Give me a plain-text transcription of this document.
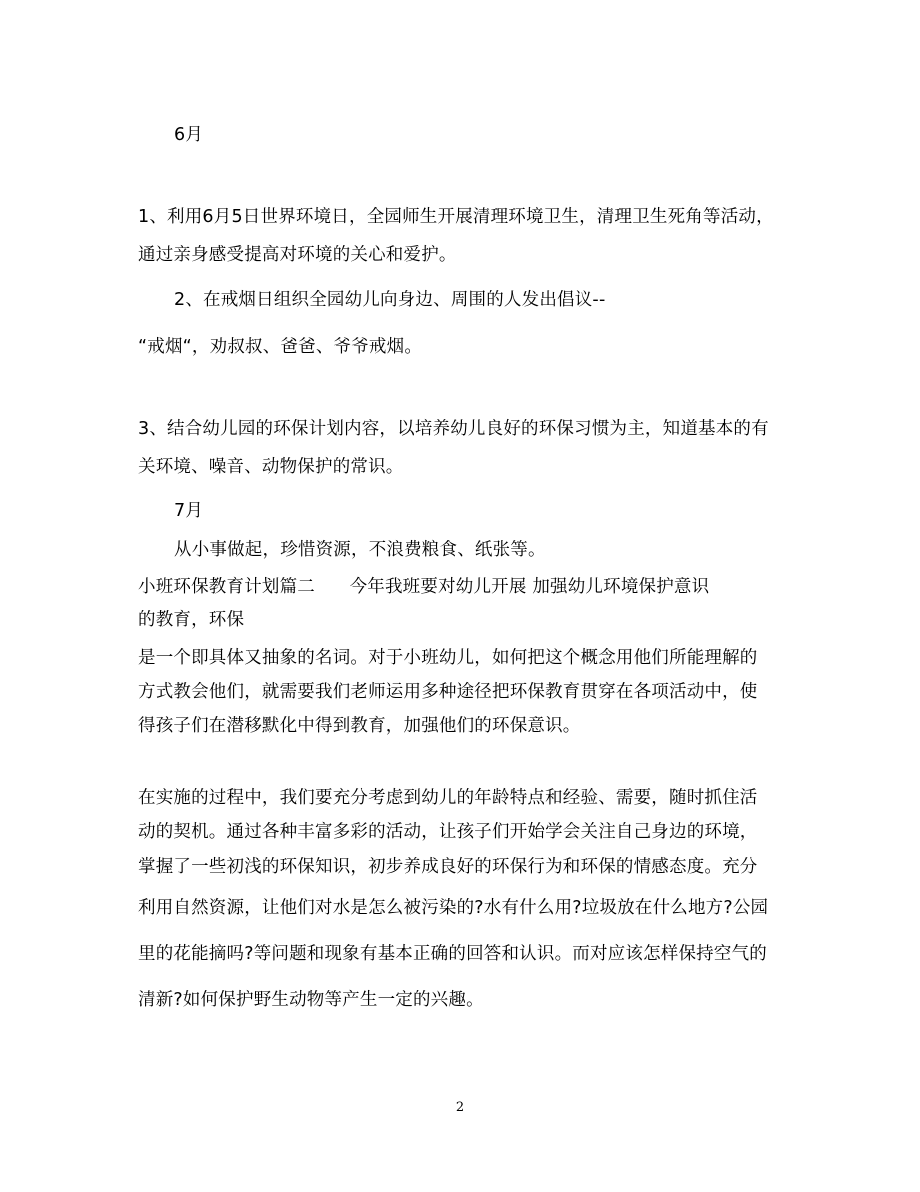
6月
1、利用6月5日世界环境日，全园师生开展清理环境卫生，清理卫生死角等活动，
通过亲身感受提高对环境的关心和爱护。
2、在戒烟日组织全园幼儿向身边、周围的人发出倡议--
“戒烟“，劝叔叔、爸爸、爷爷戒烟。
3、结合幼儿园的环保计划内容，以培养幼儿良好的环保习惯为主，知道基本的有
关环境、噪音、动物保护的常识。
7月
从小事做起，珍惜资源，不浪费粮食、纸张等。
小班环保教育计划篇二      今年我班要对幼儿开展 加强幼儿环境保护意识
的教育，环保
是一个即具体又抽象的名词。对于小班幼儿，如何把这个概念用他们所能理解的
方式教会他们，就需要我们老师运用多种途径把环保教育贯穿在各项活动中，使
得孩子们在潜移默化中得到教育，加强他们的环保意识。
在实施的过程中，我们要充分考虑到幼儿的年龄特点和经验、需要，随时抓住活
动的契机。通过各种丰富多彩的活动，让孩子们开始学会关注自己身边的环境，
掌握了一些初浅的环保知识，初步养成良好的环保行为和环保的情感态度。充分
利用自然资源，让他们对水是怎么被污染的?水有什么用?垃圾放在什么地方?公园
里的花能摘吗?等问题和现象有基本正确的回答和认识。而对应该怎样保持空气的
清新?如何保护野生动物等产生一定的兴趣。
2
